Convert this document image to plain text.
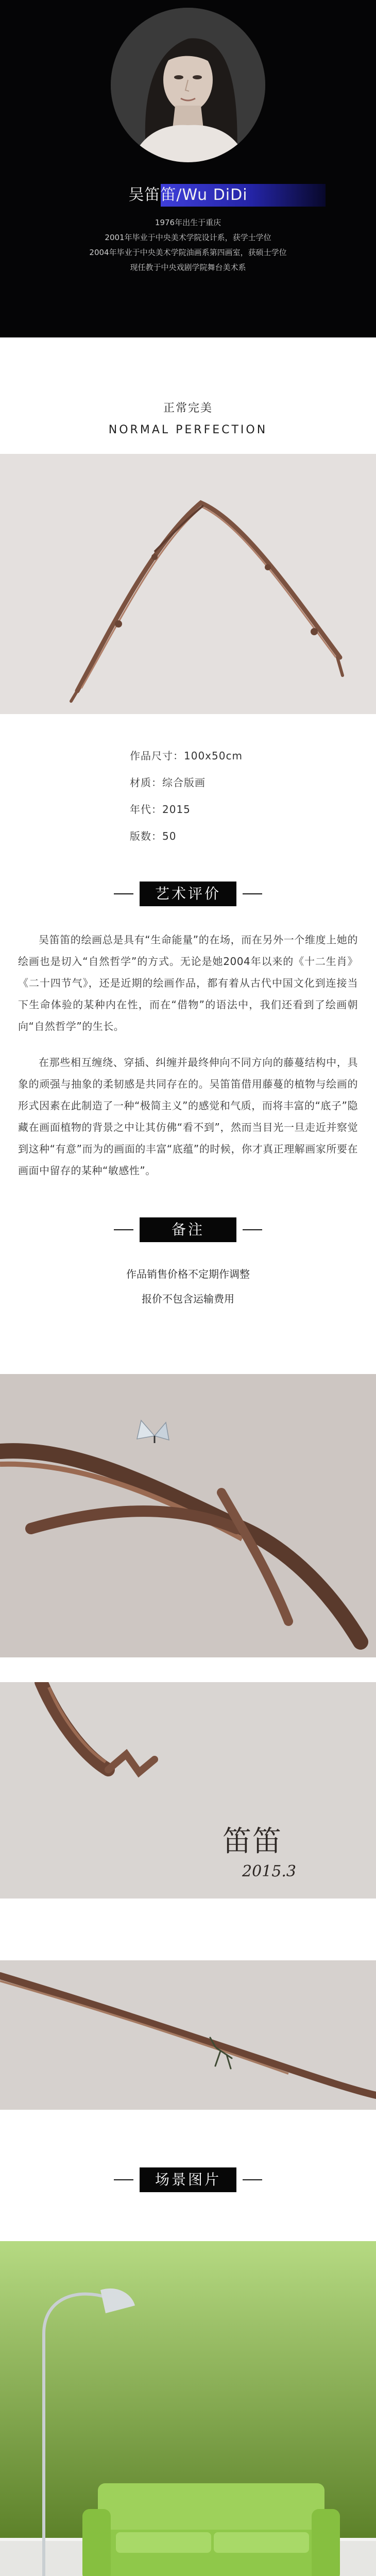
吴笛笛/Wu DiDi
1976年出生于重庆
2001年毕业于中央美术学院设计系，获学士学位
2004年毕业于中央美术学院油画系第四画室，获硕士学位
现任教于中央戏剧学院舞台美术系
正常完美
NORMAL PERFECTION
作品尺寸：100x50cm
材质：综合版画
年代：2015
版数：50
艺术评价

吴笛笛的绘画总是具有“生命能量”的在场，而在另外一个维度上她的绘画也是切入“自然哲学”的方式。无论是她2004年以来的《十二生肖》《二十四节气》，还是近期的绘画作品，都有着从古代中国文化到连接当下生命体验的某种内在性，而在“借物”的语法中，我们还看到了绘画朝向“自然哲学”的生长。

在那些相互缠绕、穿插、纠缠并最终伸向不同方向的藤蔓结构中，具象的顽强与抽象的柔韧感是共同存在的。吴笛笛借用藤蔓的植物与绘画的形式因素在此制造了一种“极简主义”的感觉和气质，而将丰富的“底子”隐藏在画面植物的背景之中让其仿佛“看不到”，然而当目光一旦走近并察觉到这种“有意”而为的画面的丰富“底蕴”的时候，你才真正理解画家所要在画面中留存的某种“敏感性”。

备注
作品销售价格不定期作调整
报价不包含运输费用
笛笛
2015.3
场景图片
